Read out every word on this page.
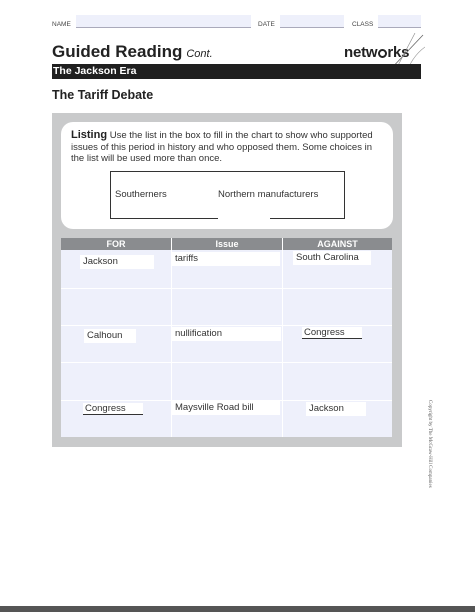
NAME	DATE	CLASS
Guided Reading Cont.	netw rks
The Jackson Era
The Tariff Debate
Listing Use the list in the box to fill in the chart to show who supported issues of this period in history and who opposed them. Some choices in the list will be used more than once.
Southerners	Northern manufacturers
FOR	Issue	AGAINST
Jackson	tariffs	South Carolina
Calhoun	nullification	Congress
Congress	Maysville Road bill	Jackson	Copyright by The McGraw-Hill Companies
